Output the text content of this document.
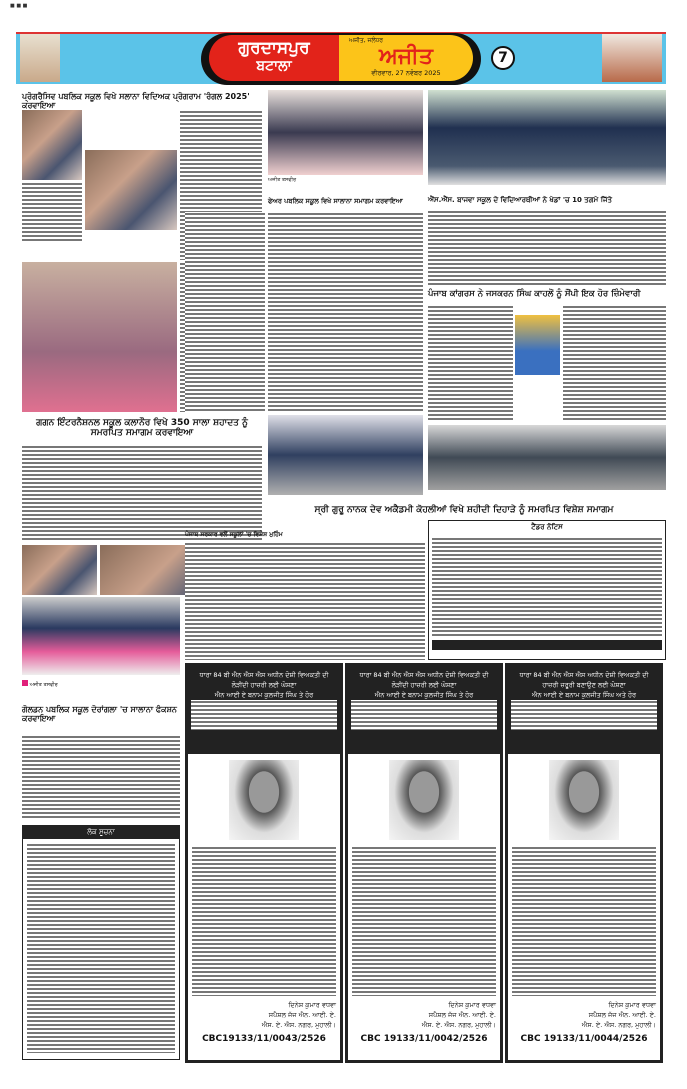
■ ■ ■
ਗੁਰਦਾਸਪੁਰ
ਬਟਾਲਾ
ਅਜੀਤ, ਜਲੰਧਰ
ਅਜੀਤ
ਵੀਰਵਾਰ, 27 ਨਵੰਬਰ 2025
7
ਪ੍ਰੋਗਰੈਸਿਵ ਪਬਲਿਕ ਸਕੂਲ ਵਿਖੇ ਸਲਾਨਾ ਵਿਦਿਅਕ ਪ੍ਰੋਗਰਾਮ 'ਰੰਗਲ 2025' ਕਰਵਾਇਆ
ਗਗਨ ਇੰਟਰਨੈਸ਼ਨਲ ਸਕੂਲ ਕਲਾਨੌਰ ਵਿਖੇ 350 ਸਾਲਾ ਸ਼ਹਾਦਤ ਨੂੰ ਸਮਰਪਿਤ ਸਮਾਗਮ ਕਰਵਾਇਆ
ਅਜੀਤ ਤਸਵੀਰ
ਗੋਲਡਨ ਪਬਲਿਕ ਸਕੂਲ ਦੋਰਾਂਗਲਾ 'ਚ ਸਾਲਾਨਾ ਫੰਕਸ਼ਨ ਕਰਵਾਇਆ
ਲੋਕ ਸੂਚਨਾ
ਅਜੀਤ ਤਸਵੀਰ
ਫੇਅਰ ਪਬਲਿਕ ਸਕੂਲ ਵਿਖੇ ਸਾਲਾਨਾ ਸਮਾਗਮ ਕਰਵਾਇਆ
ਸ੍ਰੀ ਗੁਰੂ ਨਾਨਕ ਦੇਵ ਅਕੈਡਮੀ ਕੋਹਲੀਆਂ ਵਿਖੇ ਸ਼ਹੀਦੀ ਦਿਹਾੜੇ ਨੂੰ ਸਮਰਪਿਤ ਵਿਸ਼ੇਸ਼ ਸਮਾਗਮ
ਪੰਜਾਬ ਸਰਕਾਰ ਵਲੋਂ ਸਕੂਲਾਂ 'ਚ ਵਿਸ਼ੇਸ਼ ਮੁਹਿੰਮ
ਐੱਸ.ਐੱਸ. ਬਾਜਵਾ ਸਕੂਲ ਦੇ ਵਿਦਿਆਰਥੀਆਂ ਨੇ ਖੇਡਾਂ 'ਚ 10 ਤਗਮੇ ਜਿੱਤੇ
ਪੰਜਾਬ ਕਾਂਗਰਸ ਨੇ ਜਸਕਰਨ ਸਿੰਘ ਕਾਹਲੋਂ ਨੂੰ ਸੌਂਪੀ ਇਕ ਹੋਰ ਜ਼ਿੰਮੇਵਾਰੀ
ਟੈਂਡਰ ਨੋਟਿਸ
ਧਾਰਾ 84 ਬੀ ਐਨ ਐਸ ਐਸ ਅਧੀਨ ਦੋਸ਼ੀ ਵਿਅਕਤੀ ਦੀ ਲੋੜੀਂਦੀ ਹਾਜ਼ਰੀ ਲਈ ਘੋਸ਼ਣਾ
ਐਨ ਆਈ ਏ ਬਨਾਮ ਕੁਲਜੀਤ ਸਿੰਘ ਤੇ ਹੋਰ
ਦਿਨੇਸ਼ ਕੁਮਾਰ ਵਧਵਾ
ਸਪੈਸ਼ਲ ਜੱਜ ਐਨ. ਆਈ. ਏ.
ਐਸ. ਏ. ਐਸ. ਨਗਰ, ਮੁਹਾਲੀ।
CBC19133/11/0043/2526
ਧਾਰਾ 84 ਬੀ ਐਨ ਐਸ ਐਸ ਅਧੀਨ ਦੋਸ਼ੀ ਵਿਅਕਤੀ ਦੀ ਲੋੜੀਂਦੀ ਹਾਜ਼ਰੀ ਲਈ ਘੋਸ਼ਣਾ
ਐਨ ਆਈ ਏ ਬਨਾਮ ਕੁਲਜੀਤ ਸਿੰਘ ਤੇ ਹੋਰ
ਦਿਨੇਸ਼ ਕੁਮਾਰ ਵਧਵਾ
ਸਪੈਸ਼ਲ ਜੱਜ ਐਨ. ਆਈ. ਏ.
ਐਸ. ਏ. ਐਸ. ਨਗਰ, ਮੁਹਾਲੀ।
CBC 19133/11/0042/2526
ਧਾਰਾ 84 ਬੀ ਐਨ ਐਸ ਐਸ ਅਧੀਨ ਦੋਸ਼ੀ ਵਿਅਕਤੀ ਦੀ ਹਾਜ਼ਰੀ ਜ਼ਰੂਰੀ ਬਣਾਉਣ ਲਈ ਘੋਸ਼ਣਾ
ਐਨ ਆਈ ਏ ਬਨਾਮ ਕੁਲਜੀਤ ਸਿੰਘ ਅਤੇ ਹੋਰ
ਦਿਨੇਸ਼ ਕੁਮਾਰ ਵਧਵਾ
ਸਪੈਸ਼ਲ ਜੱਜ ਐਨ. ਆਈ. ਏ.
ਐਸ. ਏ. ਐਸ. ਨਗਰ, ਮੁਹਾਲੀ।
CBC 19133/11/0044/2526
